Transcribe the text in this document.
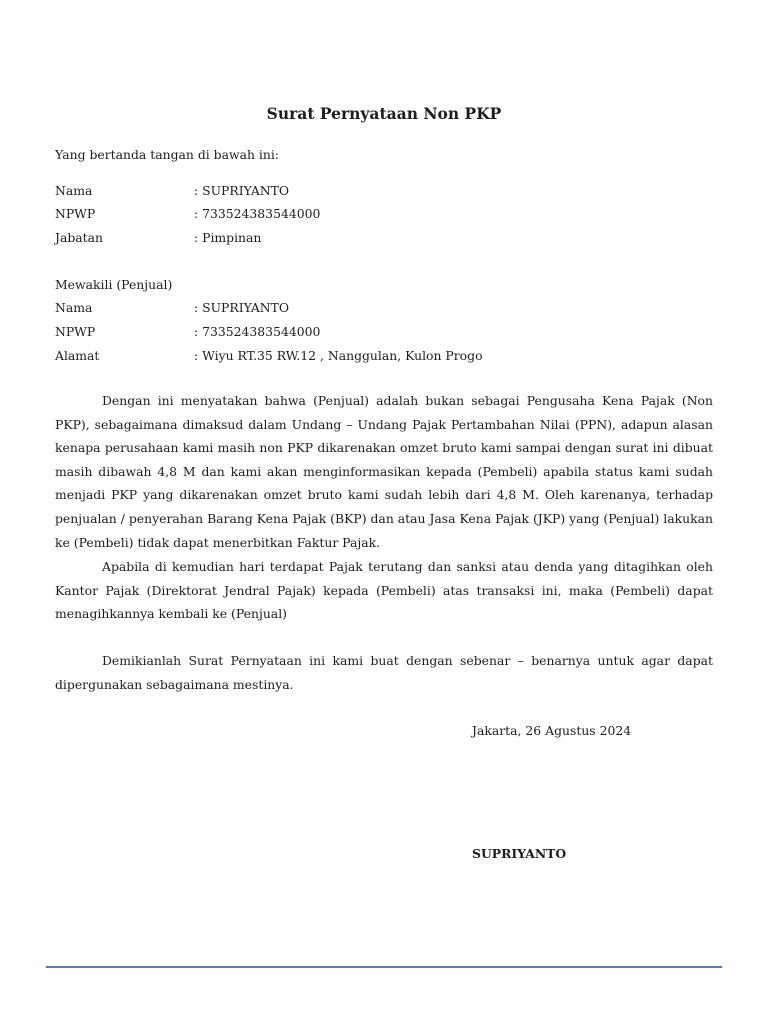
Surat Pernyataan Non PKP
Yang bertanda tangan di bawah ini:
Nama	: SUPRIYANTO
NPWP	: 733524383544000
Jabatan	: Pimpinan
Mewakili (Penjual)
Nama	: SUPRIYANTO
NPWP	: 733524383544000
Alamat	: Wiyu RT.35 RW.12 , Nanggulan, Kulon Progo
Dengan ini menyatakan bahwa (Penjual) adalah bukan sebagai Pengusaha Kena Pajak (Non PKP), sebagaimana dimaksud dalam Undang – Undang Pajak Pertambahan Nilai (PPN), adapun alasan kenapa perusahaan kami masih non PKP dikarenakan omzet bruto kami sampai dengan surat ini dibuat masih dibawah 4,8 M dan kami akan menginformasikan kepada (Pembeli) apabila status kami sudah menjadi PKP yang dikarenakan omzet bruto kami sudah lebih dari 4,8 M. Oleh karenanya, terhadap penjualan / penyerahan Barang Kena Pajak (BKP) dan atau Jasa Kena Pajak (JKP) yang (Penjual) lakukan ke (Pembeli) tidak dapat menerbitkan Faktur Pajak.
Apabila di kemudian hari terdapat Pajak terutang dan sanksi atau denda yang ditagihkan oleh Kantor Pajak (Direktorat Jendral Pajak) kepada (Pembeli) atas transaksi ini, maka (Pembeli) dapat menagihkannya kembali ke (Penjual)
Demikianlah Surat Pernyataan ini kami buat dengan sebenar – benarnya untuk agar dapat dipergunakan sebagaimana mestinya.
Jakarta, 26 Agustus 2024
SUPRIYANTO
